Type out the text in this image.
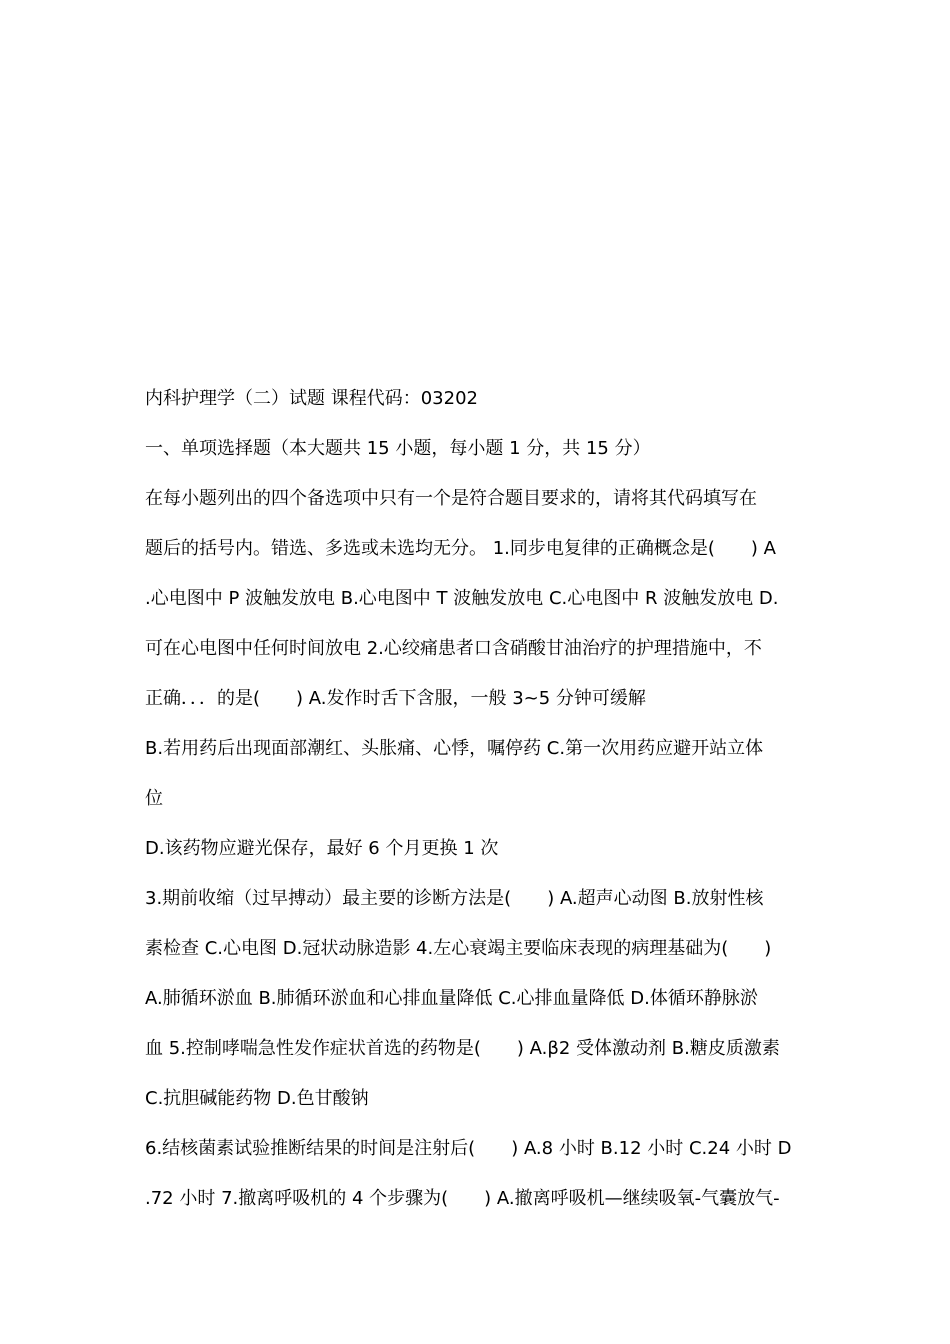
内科护理学（二）试题 课程代码：03202
一、单项选择题（本大题共 15 小题，每小题 1 分，共 15 分）
在每小题列出的四个备选项中只有一个是符合题目要求的，请将其代码填写在
题后的括号内。错选、多选或未选均无分。 1.同步电复律的正确概念是(　　) A
.心电图中 P 波触发放电 B.心电图中 T 波触发放电 C.心电图中 R 波触发放电 D.
可在心电图中任何时间放电 2.心绞痛患者口含硝酸甘油治疗的护理措施中，不
正确．．．的是(　　) A.发作时舌下含服，一般 3~5 分钟可缓解
B.若用药后出现面部潮红、头胀痛、心悸，嘱停药 C.第一次用药应避开站立体
位
D.该药物应避光保存，最好 6 个月更换 1 次
3.期前收缩（过早搏动）最主要的诊断方法是(　　) A.超声心动图 B.放射性核
素检查 C.心电图 D.冠状动脉造影 4.左心衰竭主要临床表现的病理基础为(　　)
A.肺循环淤血 B.肺循环淤血和心排血量降低 C.心排血量降低 D.体循环静脉淤
血 5.控制哮喘急性发作症状首选的药物是(　　) A.β2 受体激动剂 B.糖皮质激素
C.抗胆碱能药物 D.色甘酸钠
6.结核菌素试验推断结果的时间是注射后(　　) A.8 小时 B.12 小时 C.24 小时 D
.72 小时 7.撤离呼吸机的 4 个步骤为(　　) A.撤离呼吸机—继续吸氧-气囊放气-
